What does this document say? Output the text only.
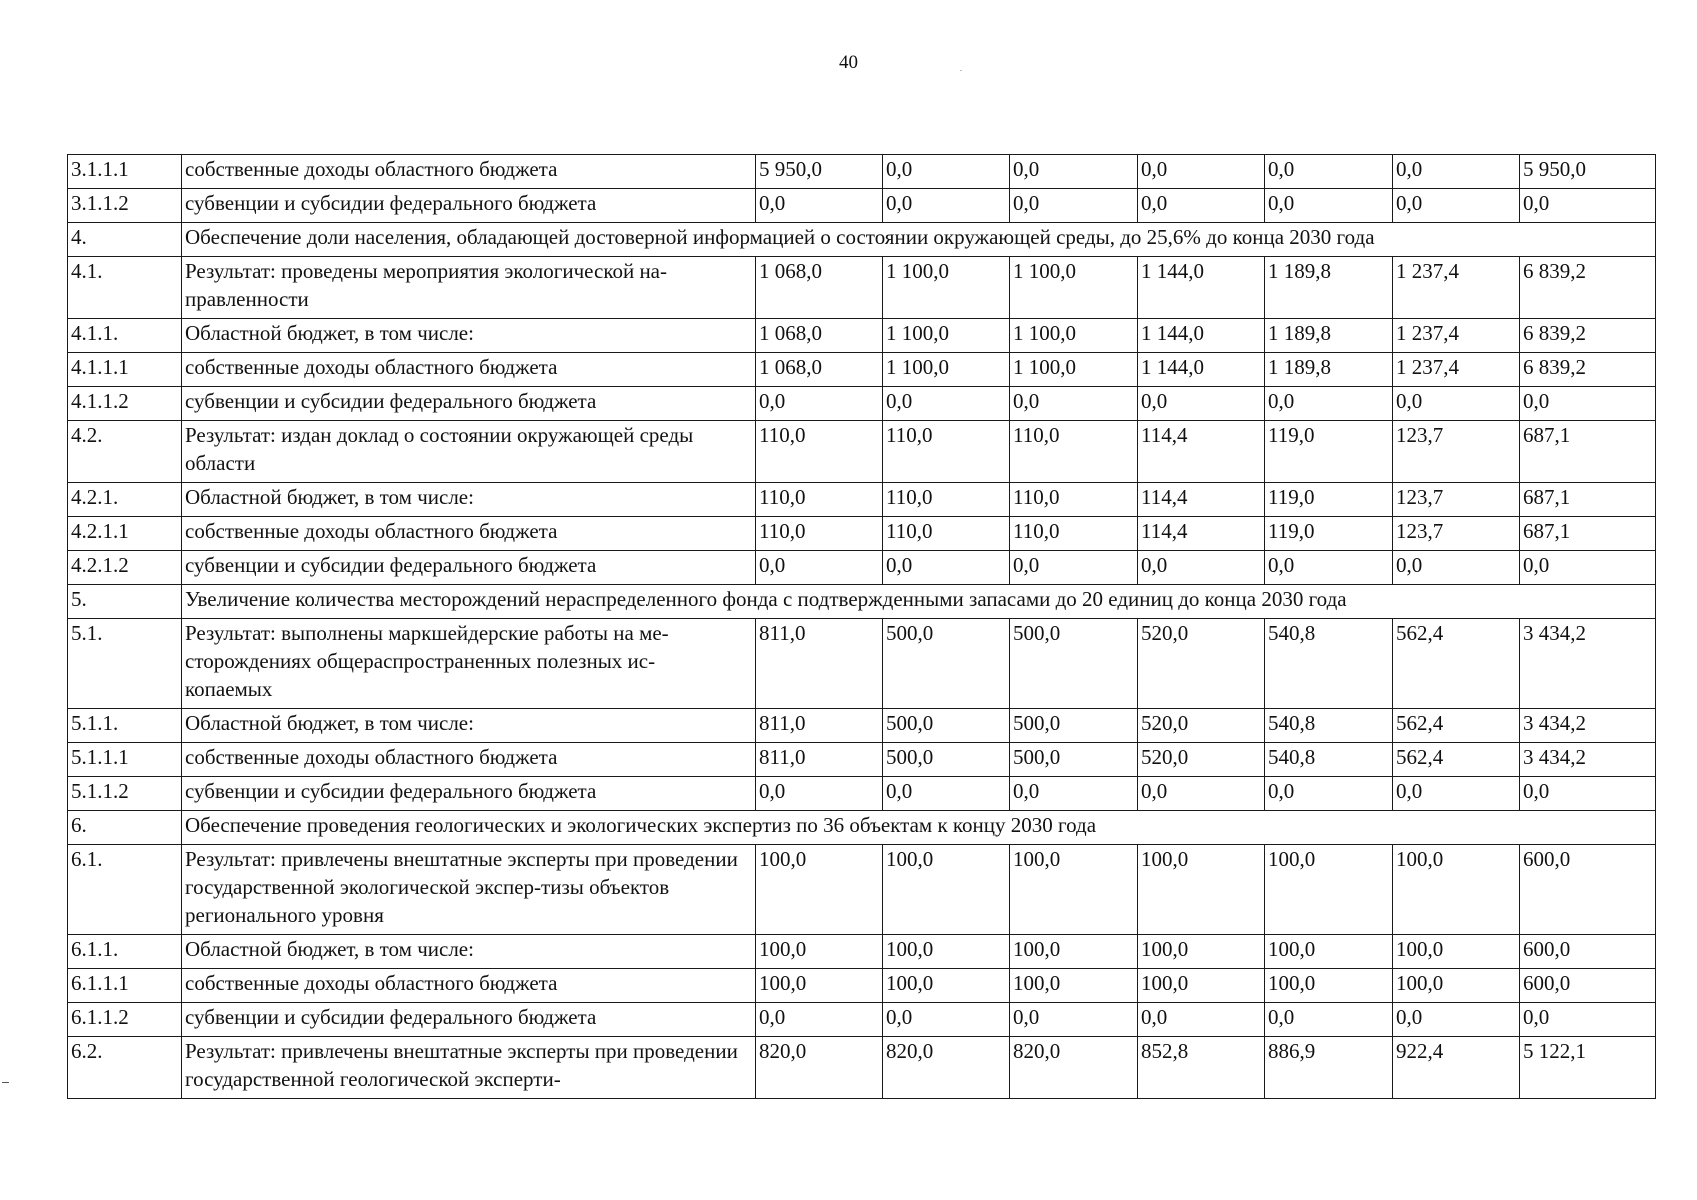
40
3.1.1.1	собственные доходы областного бюджета	5 950,0	0,0	0,0	0,0	0,0	0,0	5 950,0
3.1.1.2	субвенции и субсидии федерального бюджета	0,0	0,0	0,0	0,0	0,0	0,0	0,0
4.	Обеспечение доли населения, обладающей достоверной информацией о состоянии окружающей среды, до 25,6% до конца 2030 года							
4.1.	Результат: проведены мероприятия экологической на-правленности	1 068,0	1 100,0	1 100,0	1 144,0	1 189,8	1 237,4	6 839,2
4.1.1.	Областной бюджет, в том числе:	1 068,0	1 100,0	1 100,0	1 144,0	1 189,8	1 237,4	6 839,2
4.1.1.1	собственные доходы областного бюджета	1 068,0	1 100,0	1 100,0	1 144,0	1 189,8	1 237,4	6 839,2
4.1.1.2	субвенции и субсидии федерального бюджета	0,0	0,0	0,0	0,0	0,0	0,0	0,0
4.2.	Результат: издан доклад о состоянии окружающей среды области	110,0	110,0	110,0	114,4	119,0	123,7	687,1
4.2.1.	Областной бюджет, в том числе:	110,0	110,0	110,0	114,4	119,0	123,7	687,1
4.2.1.1	собственные доходы областного бюджета	110,0	110,0	110,0	114,4	119,0	123,7	687,1
4.2.1.2	субвенции и субсидии федерального бюджета	0,0	0,0	0,0	0,0	0,0	0,0	0,0
5.	Увеличение количества месторождений нераспределенного фонда с подтвержденными запасами до 20 единиц до конца 2030 года							
5.1.	Результат: выполнены маркшейдерские работы на ме-сторождениях общераспространенных полезных ис-копаемых	811,0	500,0	500,0	520,0	540,8	562,4	3 434,2
5.1.1.	Областной бюджет, в том числе:	811,0	500,0	500,0	520,0	540,8	562,4	3 434,2
5.1.1.1	собственные доходы областного бюджета	811,0	500,0	500,0	520,0	540,8	562,4	3 434,2
5.1.1.2	субвенции и субсидии федерального бюджета	0,0	0,0	0,0	0,0	0,0	0,0	0,0
6.	Обеспечение проведения геологических и экологических экспертиз по 36 объектам к концу 2030 года							
6.1.	Результат: привлечены внештатные эксперты при проведении государственной экологической экспер-тизы объектов регионального уровня	100,0	100,0	100,0	100,0	100,0	100,0	600,0
6.1.1.	Областной бюджет, в том числе:	100,0	100,0	100,0	100,0	100,0	100,0	600,0
6.1.1.1	собственные доходы областного бюджета	100,0	100,0	100,0	100,0	100,0	100,0	600,0
6.1.1.2	субвенции и субсидии федерального бюджета	0,0	0,0	0,0	0,0	0,0	0,0	0,0
6.2.	Результат: привлечены внештатные эксперты при проведении государственной геологической эксперти-	820,0	820,0	820,0	852,8	886,9	922,4	5 122,1
